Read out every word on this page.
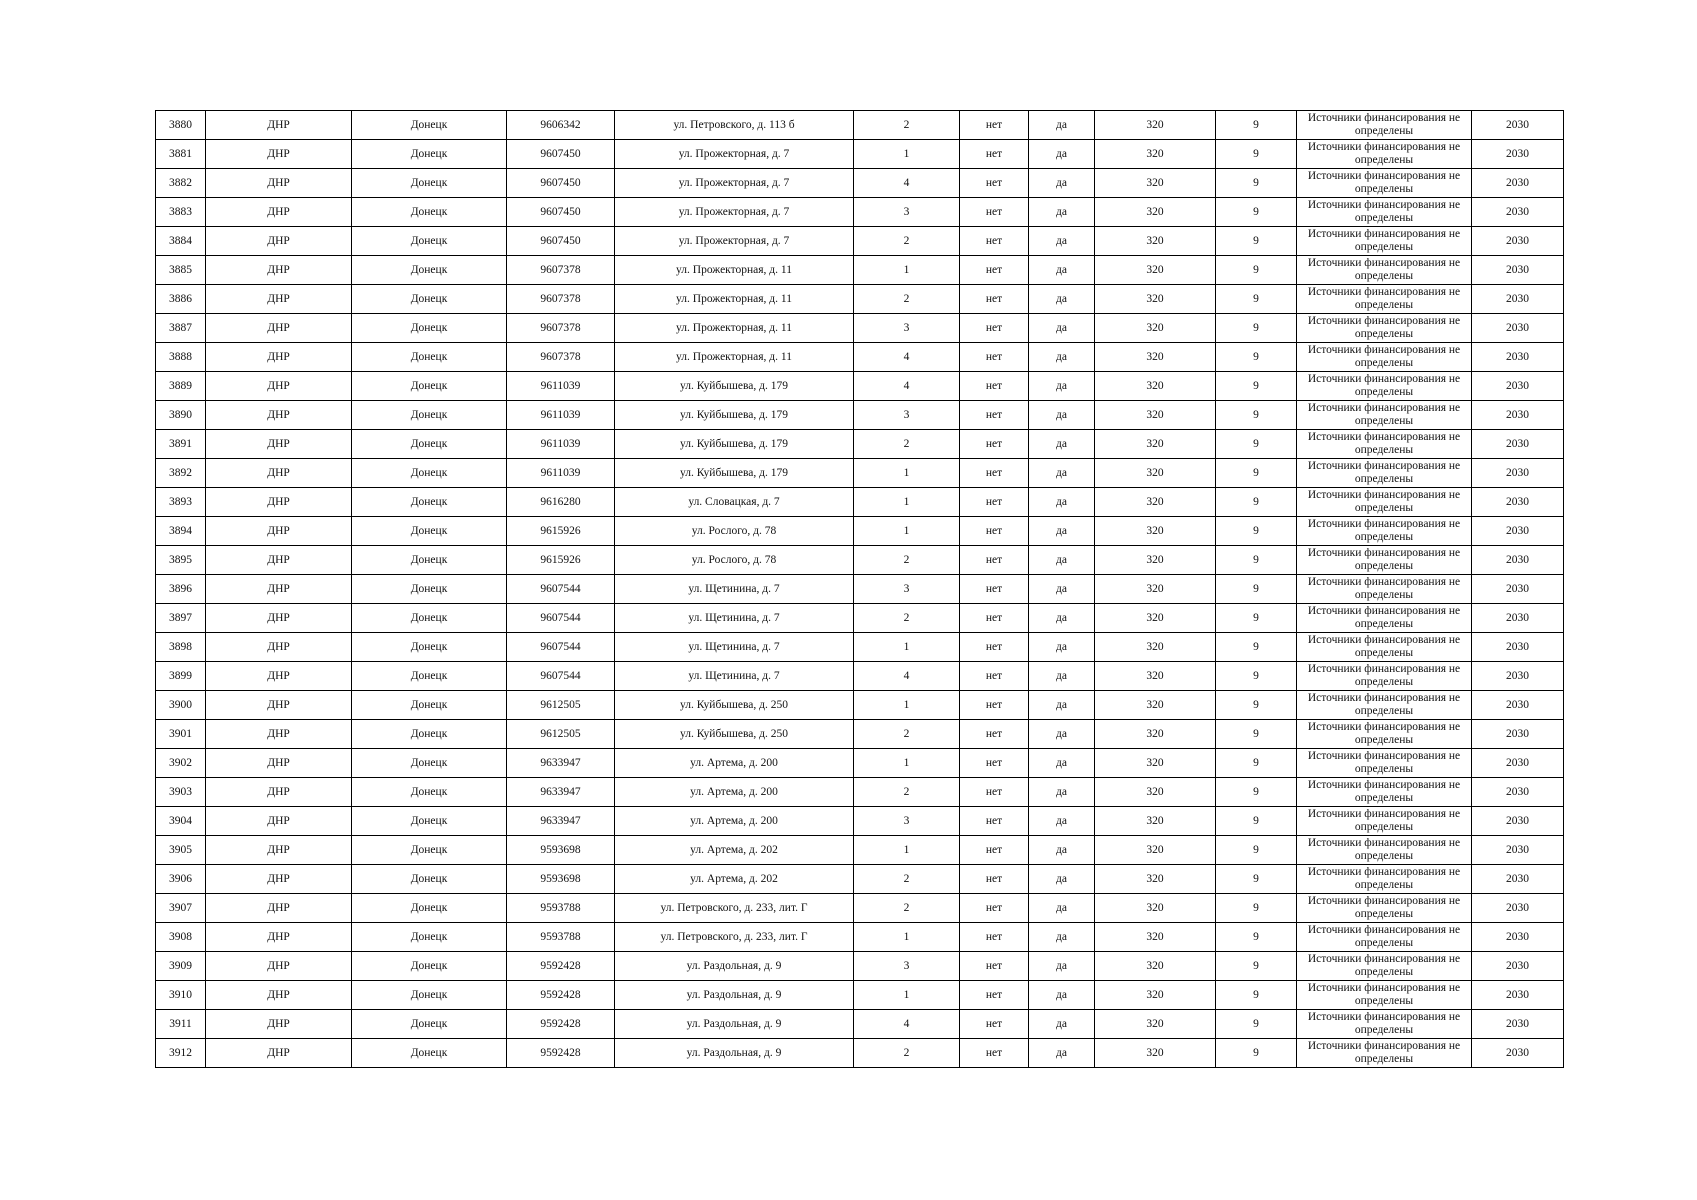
3880	ДНР	Донецк	9606342	ул. Петровского, д. 113 б	2	нет	да	320	9	Источники финансирования не определены	2030
3881	ДНР	Донецк	9607450	ул. Прожекторная, д. 7	1	нет	да	320	9	Источники финансирования не определены	2030
3882	ДНР	Донецк	9607450	ул. Прожекторная, д. 7	4	нет	да	320	9	Источники финансирования не определены	2030
3883	ДНР	Донецк	9607450	ул. Прожекторная, д. 7	3	нет	да	320	9	Источники финансирования не определены	2030
3884	ДНР	Донецк	9607450	ул. Прожекторная, д. 7	2	нет	да	320	9	Источники финансирования не определены	2030
3885	ДНР	Донецк	9607378	ул. Прожекторная, д. 11	1	нет	да	320	9	Источники финансирования не определены	2030
3886	ДНР	Донецк	9607378	ул. Прожекторная, д. 11	2	нет	да	320	9	Источники финансирования не определены	2030
3887	ДНР	Донецк	9607378	ул. Прожекторная, д. 11	3	нет	да	320	9	Источники финансирования не определены	2030
3888	ДНР	Донецк	9607378	ул. Прожекторная, д. 11	4	нет	да	320	9	Источники финансирования не определены	2030
3889	ДНР	Донецк	9611039	ул. Куйбышева, д. 179	4	нет	да	320	9	Источники финансирования не определены	2030
3890	ДНР	Донецк	9611039	ул. Куйбышева, д. 179	3	нет	да	320	9	Источники финансирования не определены	2030
3891	ДНР	Донецк	9611039	ул. Куйбышева, д. 179	2	нет	да	320	9	Источники финансирования не определены	2030
3892	ДНР	Донецк	9611039	ул. Куйбышева, д. 179	1	нет	да	320	9	Источники финансирования не определены	2030
3893	ДНР	Донецк	9616280	ул. Словацкая, д. 7	1	нет	да	320	9	Источники финансирования не определены	2030
3894	ДНР	Донецк	9615926	ул. Рослого, д. 78	1	нет	да	320	9	Источники финансирования не определены	2030
3895	ДНР	Донецк	9615926	ул. Рослого, д. 78	2	нет	да	320	9	Источники финансирования не определены	2030
3896	ДНР	Донецк	9607544	ул. Щетинина, д. 7	3	нет	да	320	9	Источники финансирования не определены	2030
3897	ДНР	Донецк	9607544	ул. Щетинина, д. 7	2	нет	да	320	9	Источники финансирования не определены	2030
3898	ДНР	Донецк	9607544	ул. Щетинина, д. 7	1	нет	да	320	9	Источники финансирования не определены	2030
3899	ДНР	Донецк	9607544	ул. Щетинина, д. 7	4	нет	да	320	9	Источники финансирования не определены	2030
3900	ДНР	Донецк	9612505	ул. Куйбышева, д. 250	1	нет	да	320	9	Источники финансирования не определены	2030
3901	ДНР	Донецк	9612505	ул. Куйбышева, д. 250	2	нет	да	320	9	Источники финансирования не определены	2030
3902	ДНР	Донецк	9633947	ул. Артема, д. 200	1	нет	да	320	9	Источники финансирования не определены	2030
3903	ДНР	Донецк	9633947	ул. Артема, д. 200	2	нет	да	320	9	Источники финансирования не определены	2030
3904	ДНР	Донецк	9633947	ул. Артема, д. 200	3	нет	да	320	9	Источники финансирования не определены	2030
3905	ДНР	Донецк	9593698	ул. Артема, д. 202	1	нет	да	320	9	Источники финансирования не определены	2030
3906	ДНР	Донецк	9593698	ул. Артема, д. 202	2	нет	да	320	9	Источники финансирования не определены	2030
3907	ДНР	Донецк	9593788	ул. Петровского, д. 233, лит. Г	2	нет	да	320	9	Источники финансирования не определены	2030
3908	ДНР	Донецк	9593788	ул. Петровского, д. 233, лит. Г	1	нет	да	320	9	Источники финансирования не определены	2030
3909	ДНР	Донецк	9592428	ул. Раздольная, д. 9	3	нет	да	320	9	Источники финансирования не определены	2030
3910	ДНР	Донецк	9592428	ул. Раздольная, д. 9	1	нет	да	320	9	Источники финансирования не определены	2030
3911	ДНР	Донецк	9592428	ул. Раздольная, д. 9	4	нет	да	320	9	Источники финансирования не определены	2030
3912	ДНР	Донецк	9592428	ул. Раздольная, д. 9	2	нет	да	320	9	Источники финансирования не определены	2030
